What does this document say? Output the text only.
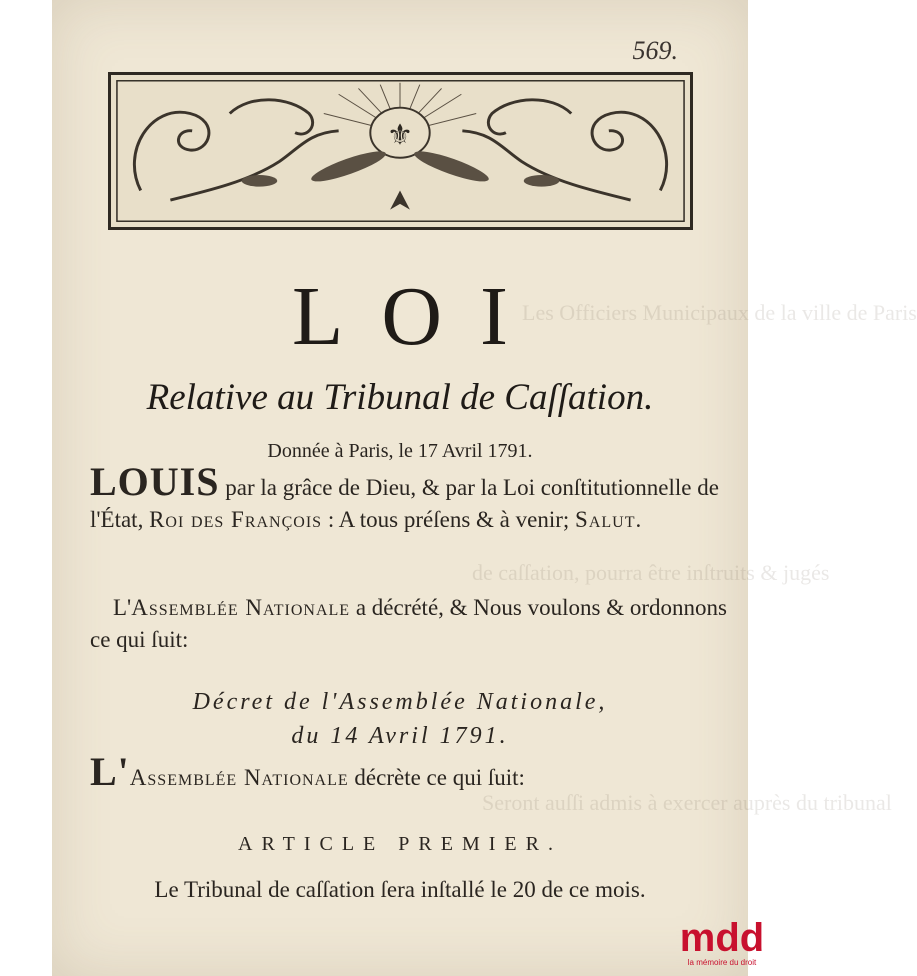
Les Officiers Municipaux de la ville de Paris
de caſſation, pourra être inſtruits & jugés
Seront auſſi admis à exercer auprès du tribunal
569.
⚜
LOI
Relative au Tribunal de Caſſation.
Donnée à Paris, le 17 Avril 1791.
LOUIS par la grâce de Dieu, & par la Loi conſtitutionnelle de l'État, Roi des François : A tous préſens & à venir; Salut.
L'Assemblée Nationale a décrété, & Nous voulons & ordonnons ce qui ſuit:
Décret de l'Assemblée Nationale,
du 14 Avril 1791.
L'Assemblée Nationale décrète ce qui ſuit:
ARTICLE PREMIER.
Le Tribunal de caſſation ſera inſtallé le 20 de ce mois.
mdd
la mémoire du droit
